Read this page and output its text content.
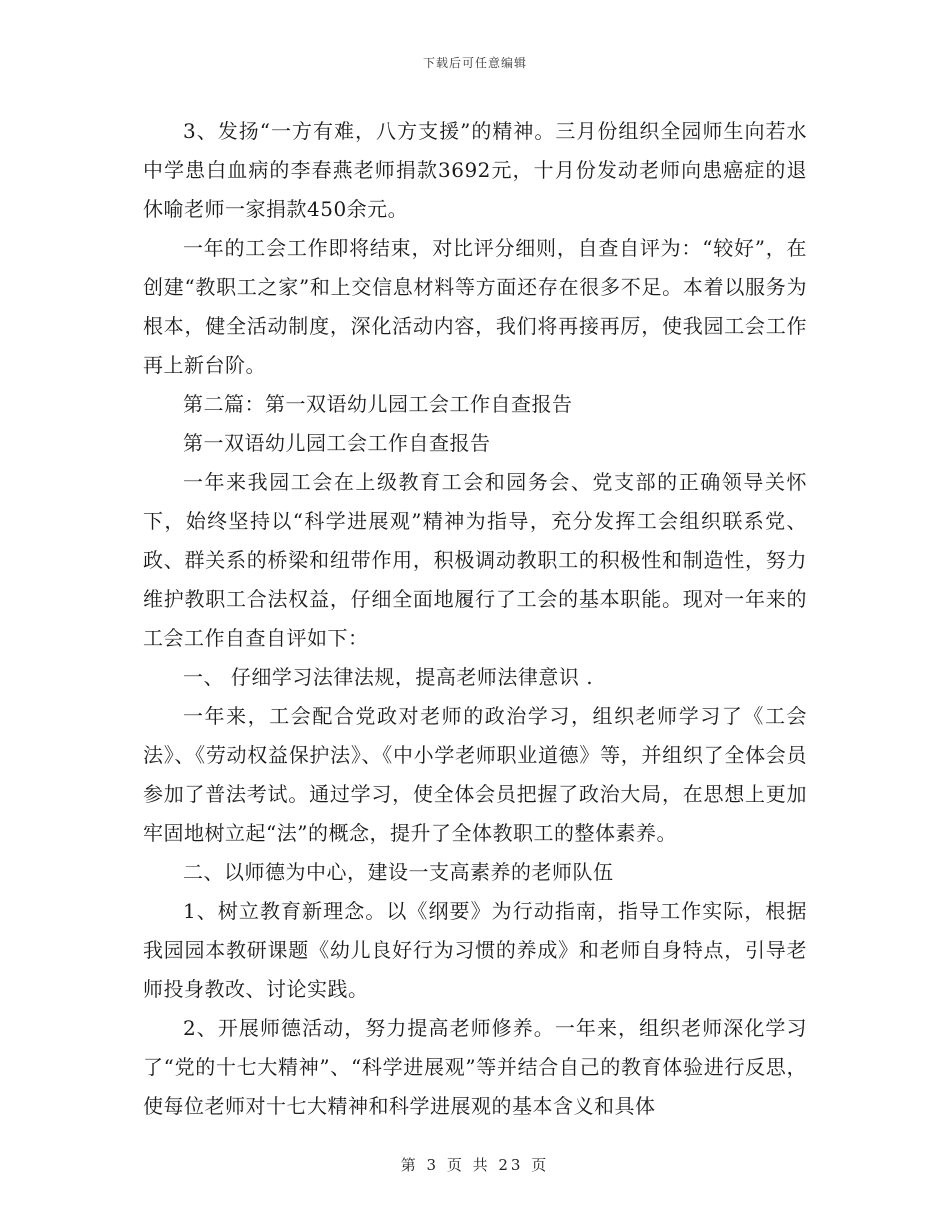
下载后可任意编辑

3、发扬“一方有难，八方支援”的精神。三月份组织全园师生向若水中学患白血病的李春燕老师捐款3692元，十月份发动老师向患癌症的退休喻老师一家捐款450余元。

一年的工会工作即将结束，对比评分细则，自查自评为：“较好”，在创建“教职工之家”和上交信息材料等方面还存在很多不足。本着以服务为根本，健全活动制度，深化活动内容，我们将再接再厉，使我园工会工作再上新台阶。

第二篇：第一双语幼儿园工会工作自查报告

第一双语幼儿园工会工作自查报告

一年来我园工会在上级教育工会和园务会、党支部的正确领导关怀下，始终坚持以“科学进展观”精神为指导，充分发挥工会组织联系党、政、群关系的桥梁和纽带作用，积极调动教职工的积极性和制造性，努力维护教职工合法权益，仔细全面地履行了工会的基本职能。现对一年来的工会工作自查自评如下：

一、 仔细学习法律法规，提高老师法律意识 .

一年来，工会配合党政对老师的政治学习，组织老师学习了《工会法》、《劳动权益保护法》、《中小学老师职业道德》等，并组织了全体会员参加了普法考试。通过学习，使全体会员把握了政治大局，在思想上更加牢固地树立起“法”的概念，提升了全体教职工的整体素养。

二、以师德为中心，建设一支高素养的老师队伍

1、树立教育新理念。以《纲要》为行动指南，指导工作实际，根据我园园本教研课题《幼儿良好行为习惯的养成》和老师自身特点，引导老师投身教改、讨论实践。

2、开展师德活动，努力提高老师修养。一年来，组织老师深化学习了“党的十七大精神”、“科学进展观”等并结合自己的教育体验进行反思，使每位老师对十七大精神和科学进展观的基本含义和具体

第 3 页 共 23 页
